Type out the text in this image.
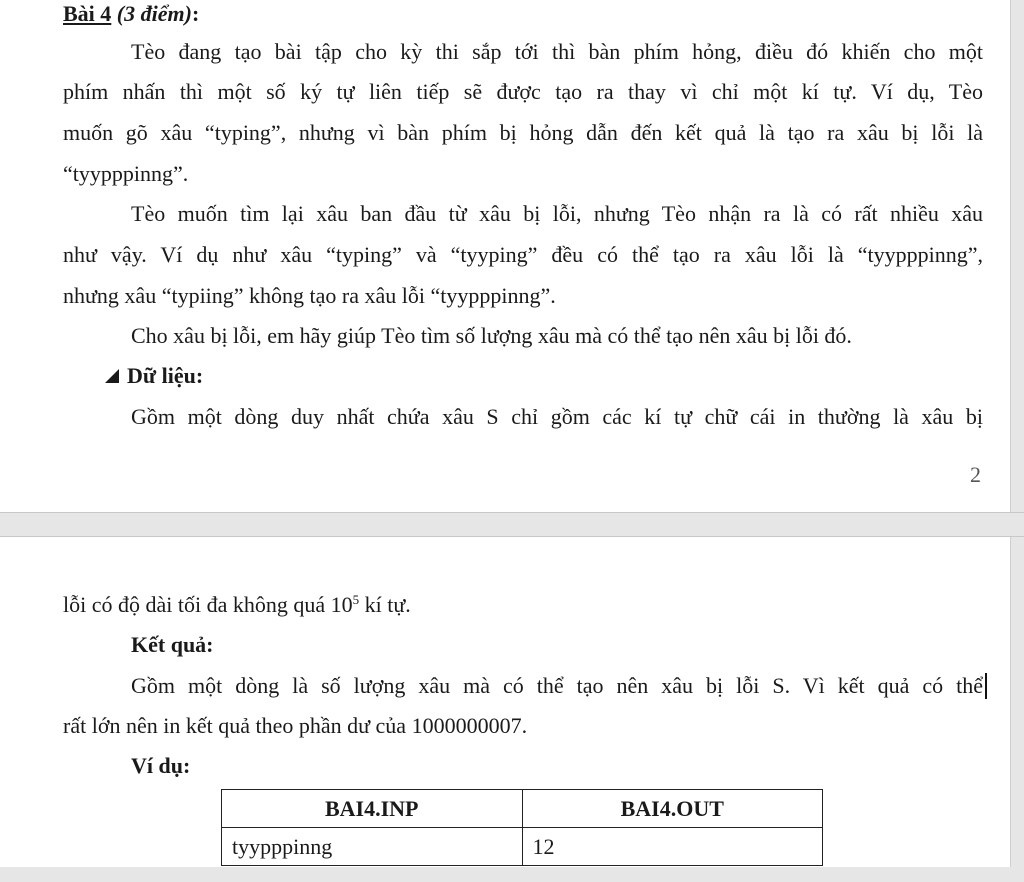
Bài 4 (3 điểm):
Tèo đang tạo bài tập cho kỳ thi sắp tới thì bàn phím hỏng, điều đó khiến cho một
phím nhấn thì một số ký tự liên tiếp sẽ được tạo ra thay vì chỉ một kí tự. Ví dụ, Tèo
muốn gõ xâu “typing”, nhưng vì bàn phím bị hỏng dẫn đến kết quả là tạo ra xâu bị lỗi là
“tyypppinng”.
Tèo muốn tìm lại xâu ban đầu từ xâu bị lỗi, nhưng Tèo nhận ra là có rất nhiều xâu
như vậy. Ví dụ như xâu “typing” và “tyyping” đều có thể tạo ra xâu lỗi là “tyypppinng”,
nhưng xâu “typiing” không tạo ra xâu lỗi “tyypppinng”.
Cho xâu bị lỗi, em hãy giúp Tèo tìm số lượng xâu mà có thể tạo nên xâu bị lỗi đó.
Dữ liệu:
Gồm một dòng duy nhất chứa xâu S chỉ gồm các kí tự chữ cái in thường là xâu bị
2
lỗi có độ dài tối đa không quá $10^5$ kí tự.
Kết quả:
Gồm một dòng là số lượng xâu mà có thể tạo nên xâu bị lỗi S. Vì kết quả có thể
rất lớn nên in kết quả theo phần dư của 1000000007.
Ví dụ:
BAI4.INP	BAI4.OUT
tyypppinng	12
